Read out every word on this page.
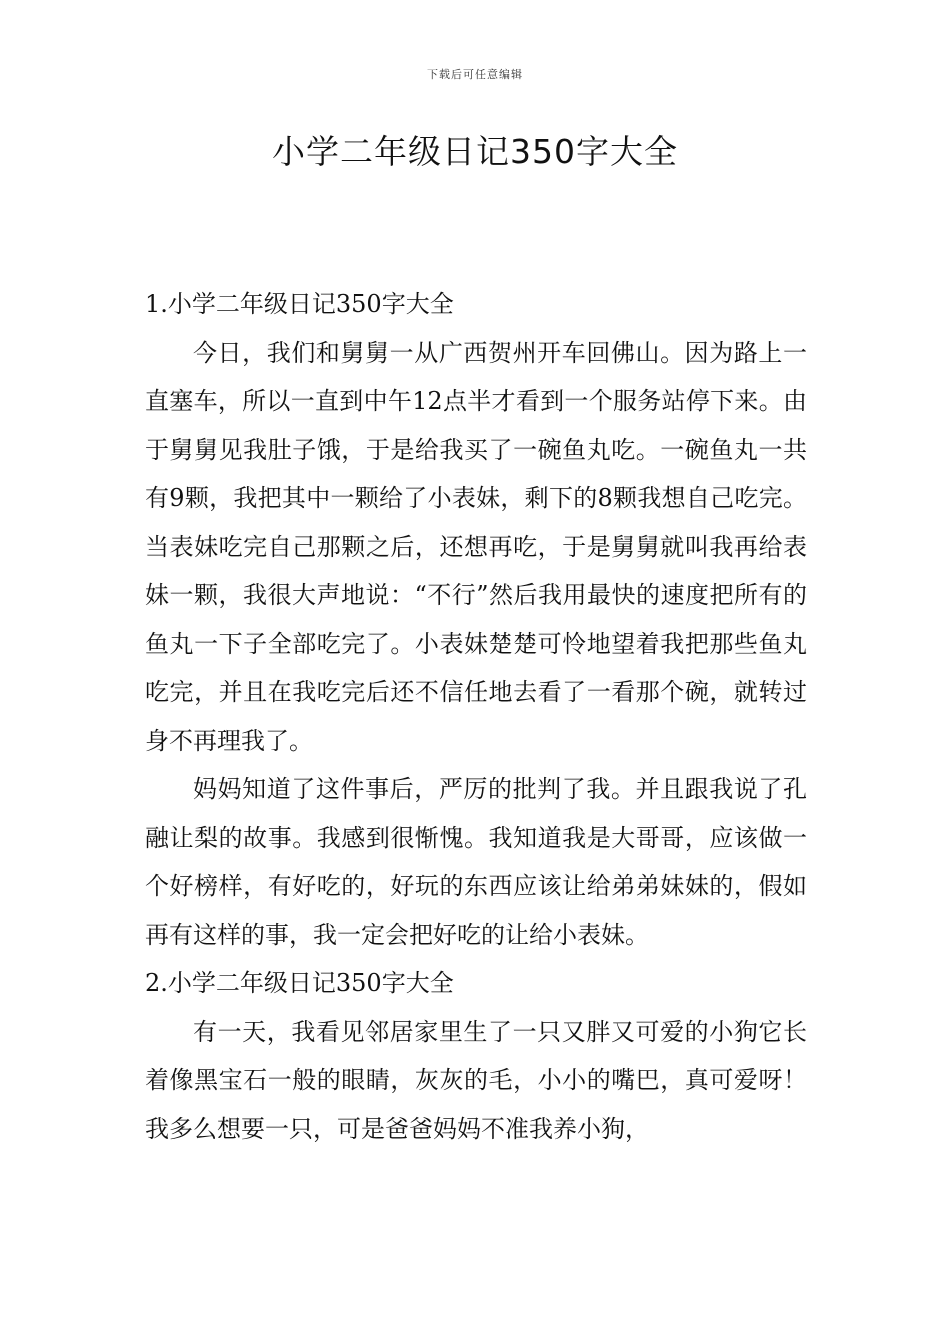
下载后可任意编辑
小学二年级日记350字大全

1.小学二年级日记350字大全

今日，我们和舅舅一从广西贺州开车回佛山。因为路上一直塞车，所以一直到中午12点半才看到一个服务站停下来。由于舅舅见我肚子饿，于是给我买了一碗鱼丸吃。一碗鱼丸一共有9颗，我把其中一颗给了小表妹，剩下的8颗我想自己吃完。当表妹吃完自己那颗之后，还想再吃，于是舅舅就叫我再给表妹一颗，我很大声地说：“不行”然后我用最快的速度把所有的鱼丸一下子全部吃完了。小表妹楚楚可怜地望着我把那些鱼丸吃完，并且在我吃完后还不信任地去看了一看那个碗，就转过身不再理我了。

妈妈知道了这件事后，严厉的批判了我。并且跟我说了孔融让梨的故事。我感到很惭愧。我知道我是大哥哥，应该做一个好榜样，有好吃的，好玩的东西应该让给弟弟妹妹的，假如再有这样的事，我一定会把好吃的让给小表妹。

2.小学二年级日记350字大全

有一天，我看见邻居家里生了一只又胖又可爱的小狗它长着像黑宝石一般的眼睛，灰灰的毛，小小的嘴巴，真可爱呀！我多么想要一只，可是爸爸妈妈不准我养小狗，
